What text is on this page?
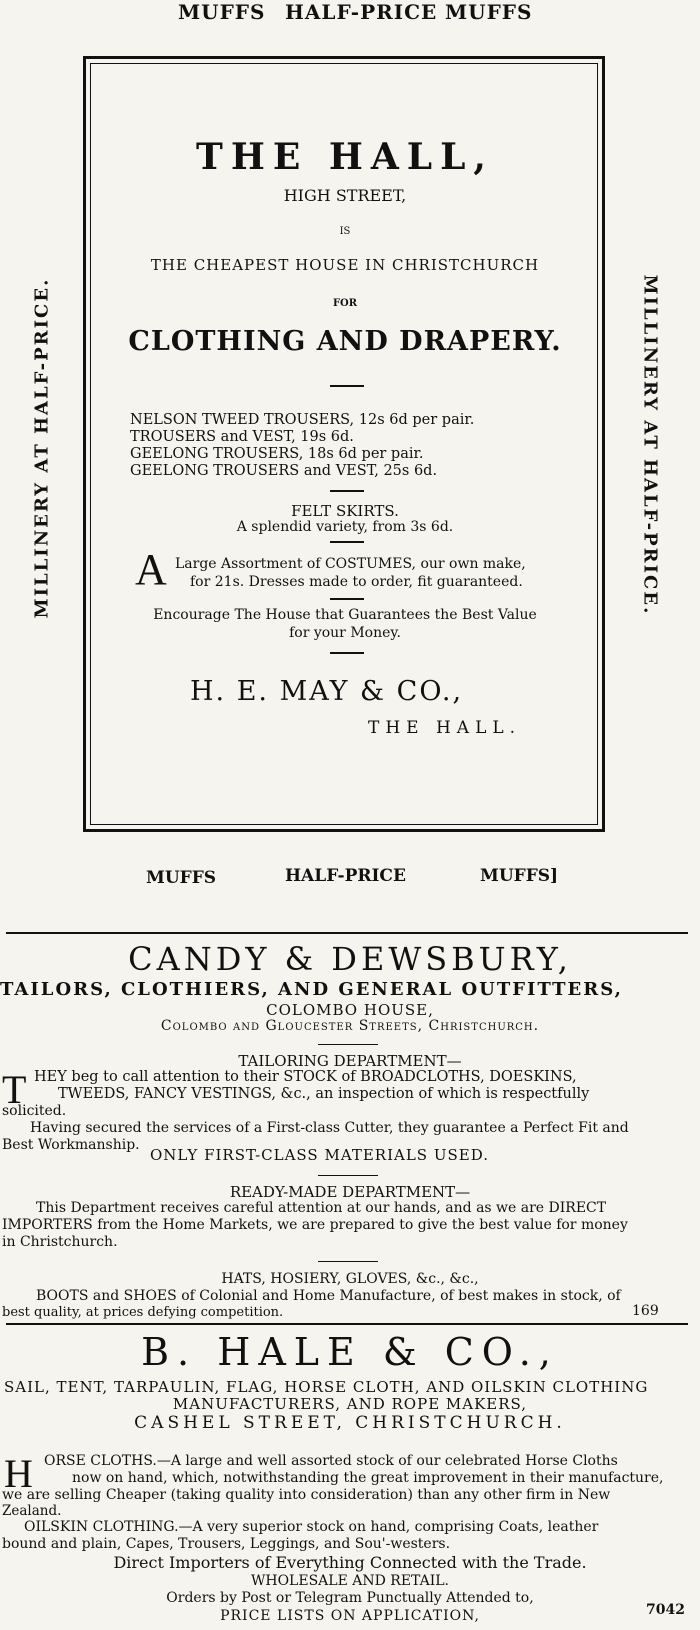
MUFFS HALF-PRICE MUFFS
MILLINERY AT HALF-PRICE.	MILLINERY AT HALF-PRICE.
THE HALL,
HIGH STREET,
IS
THE CHEAPEST HOUSE IN CHRISTCHURCH
FOR
CLOTHING AND DRAPERY.
NELSON TWEED TROUSERS, 12s 6d per pair.
TROUSERS and VEST, 19s 6d.
GEELONG TROUSERS, 18s 6d per pair.
GEELONG TROUSERS and VEST, 25s 6d.
FELT SKIRTS.
A splendid variety, from 3s 6d.
A Large Assortment of COSTUMES, our own make,
for 21s. Dresses made to order, fit guaranteed.
Encourage The House that Guarantees the Best Value
for your Money.
H. E. MAY & CO.,
THE HALL.
MUFFS	HALF-PRICE	MUFFS]
CANDY & DEWSBURY,
TAILORS, CLOTHIERS, AND GENERAL OUTFITTERS,
COLOMBO HOUSE,
Colombo and Gloucester Streets, Christchurch.
TAILORING DEPARTMENT—
T HEY beg to call attention to their STOCK of BROADCLOTHS, DOESKINS,
TWEEDS, FANCY VESTINGS, &c., an inspection of which is respectfully
solicited.
Having secured the services of a First-class Cutter, they guarantee a Perfect Fit and
Best Workmanship.
ONLY FIRST-CLASS MATERIALS USED.
READY-MADE DEPARTMENT—
This Department receives careful attention at our hands, and as we are DIRECT
IMPORTERS from the Home Markets, we are prepared to give the best value for money
in Christchurch.
HATS, HOSIERY, GLOVES, &c., &c.,
BOOTS and SHOES of Colonial and Home Manufacture, of best makes in stock, of
best quality, at prices defying competition.	169
B. HALE & CO.,
SAIL, TENT, TARPAULIN, FLAG, HORSE CLOTH, AND OILSKIN CLOTHING
MANUFACTURERS, AND ROPE MAKERS,
CASHEL STREET, CHRISTCHURCH.
H ORSE CLOTHS.—A large and well assorted stock of our celebrated Horse Cloths
now on hand, which, notwithstanding the great improvement in their manufacture,
we are selling Cheaper (taking quality into consideration) than any other firm in New
Zealand.
OILSKIN CLOTHING.—A very superior stock on hand, comprising Coats, leather
bound and plain, Capes, Trousers, Leggings, and Sou'-westers.
Direct Importers of Everything Connected with the Trade.
WHOLESALE AND RETAIL.
Orders by Post or Telegram Punctually Attended to,
PRICE LISTS ON APPLICATION,	7042
